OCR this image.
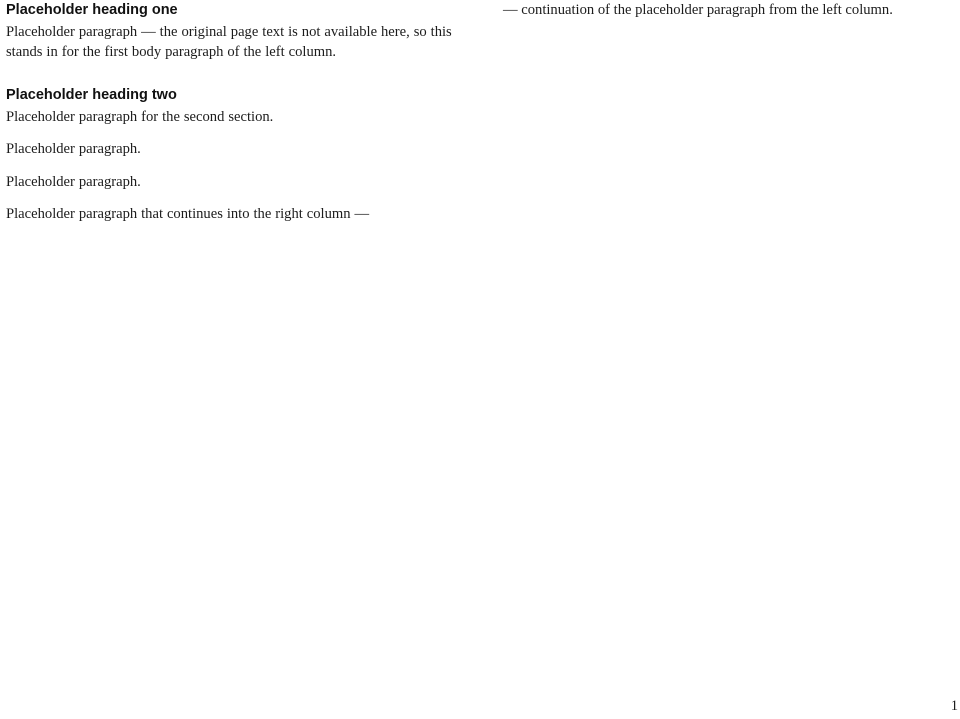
Placeholder heading one

Placeholder paragraph — the original page text is not available here, so this stands in for the first body paragraph of the left column.

Placeholder heading two

Placeholder paragraph for the second section.

Placeholder paragraph.

Placeholder paragraph.

Placeholder paragraph that continues into the right column —

— continuation of the placeholder paragraph from the left column.

1
